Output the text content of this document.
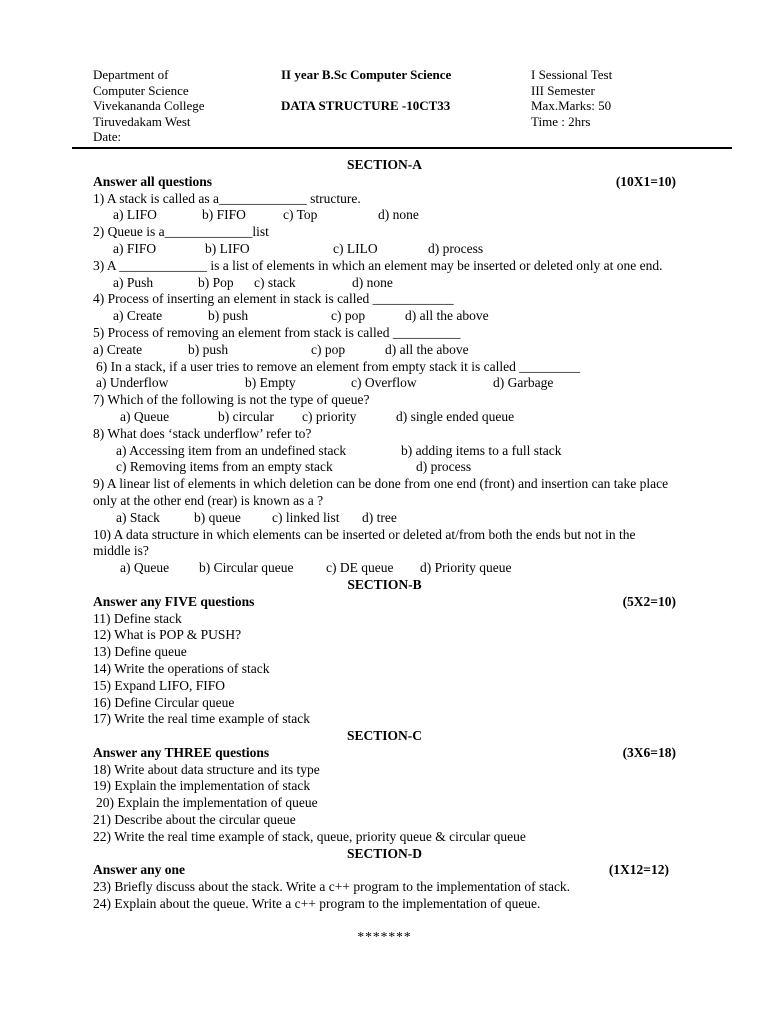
Department of
Computer Science
Vivekananda College
Tiruvedakam West
Date:
II year B.Sc Computer Science
DATA STRUCTURE -10CT33
I Sessional Test
III Semester
Max.Marks: 50
Time : 2hrs
SECTION-A
Answer all questions	(10X1=10)
1) A stack is called as a_____________ structure.
a) LIFO	b) FIFO	c) Top	d) none
2) Queue is a_____________list
a) FIFO	b) LIFO	c) LILO	d) process
3) A _____________ is a list of elements in which an element may be inserted or deleted only at one end.
a) Push	b) Pop c) stack	d) none
4) Process of inserting an element in stack is called ____________
a) Create	b) push	c) pop	d) all the above
5) Process of removing an element from stack is called __________
a) Create	b) push	c) pop	d) all the above
6) In a stack, if a user tries to remove an element from empty stack it is called _________
a) Underflow	b) Empty	c) Overflow	d) Garbage
7) Which of the following is not the type of queue?
a) Queue	b) circular c) priority	d) single ended queue
8) What does ‘stack underflow’ refer to?
a) Accessing item from an undefined stack	b) adding items to a full stack
c) Removing items from an empty stack	d) process
9) A linear list of elements in which deletion can be done from one end (front) and insertion can take place only at the other end (rear) is known as a ?
a) Stack	b) queue c) linked list d) tree
10) A data structure in which elements can be inserted or deleted at/from both the ends but not in the middle is?
a) Queue b) Circular queue c) DE queue d) Priority queue
SECTION-B
Answer any FIVE questions	(5X2=10)
11) Define stack
12) What is POP & PUSH?
13) Define queue
14) Write the operations of stack
15) Expand LIFO, FIFO
16) Define Circular queue
17) Write the real time example of stack
SECTION-C
Answer any THREE questions	(3X6=18)
18) Write about data structure and its type
19) Explain the implementation of stack
20) Explain the implementation of queue
21) Describe about the circular queue
22) Write the real time example of stack, queue, priority queue & circular queue
SECTION-D
Answer any one	(1X12=12)
23) Briefly discuss about the stack. Write a c++ program to the implementation of stack.
24) Explain about the queue. Write a c++ program to the implementation of queue.
*******
